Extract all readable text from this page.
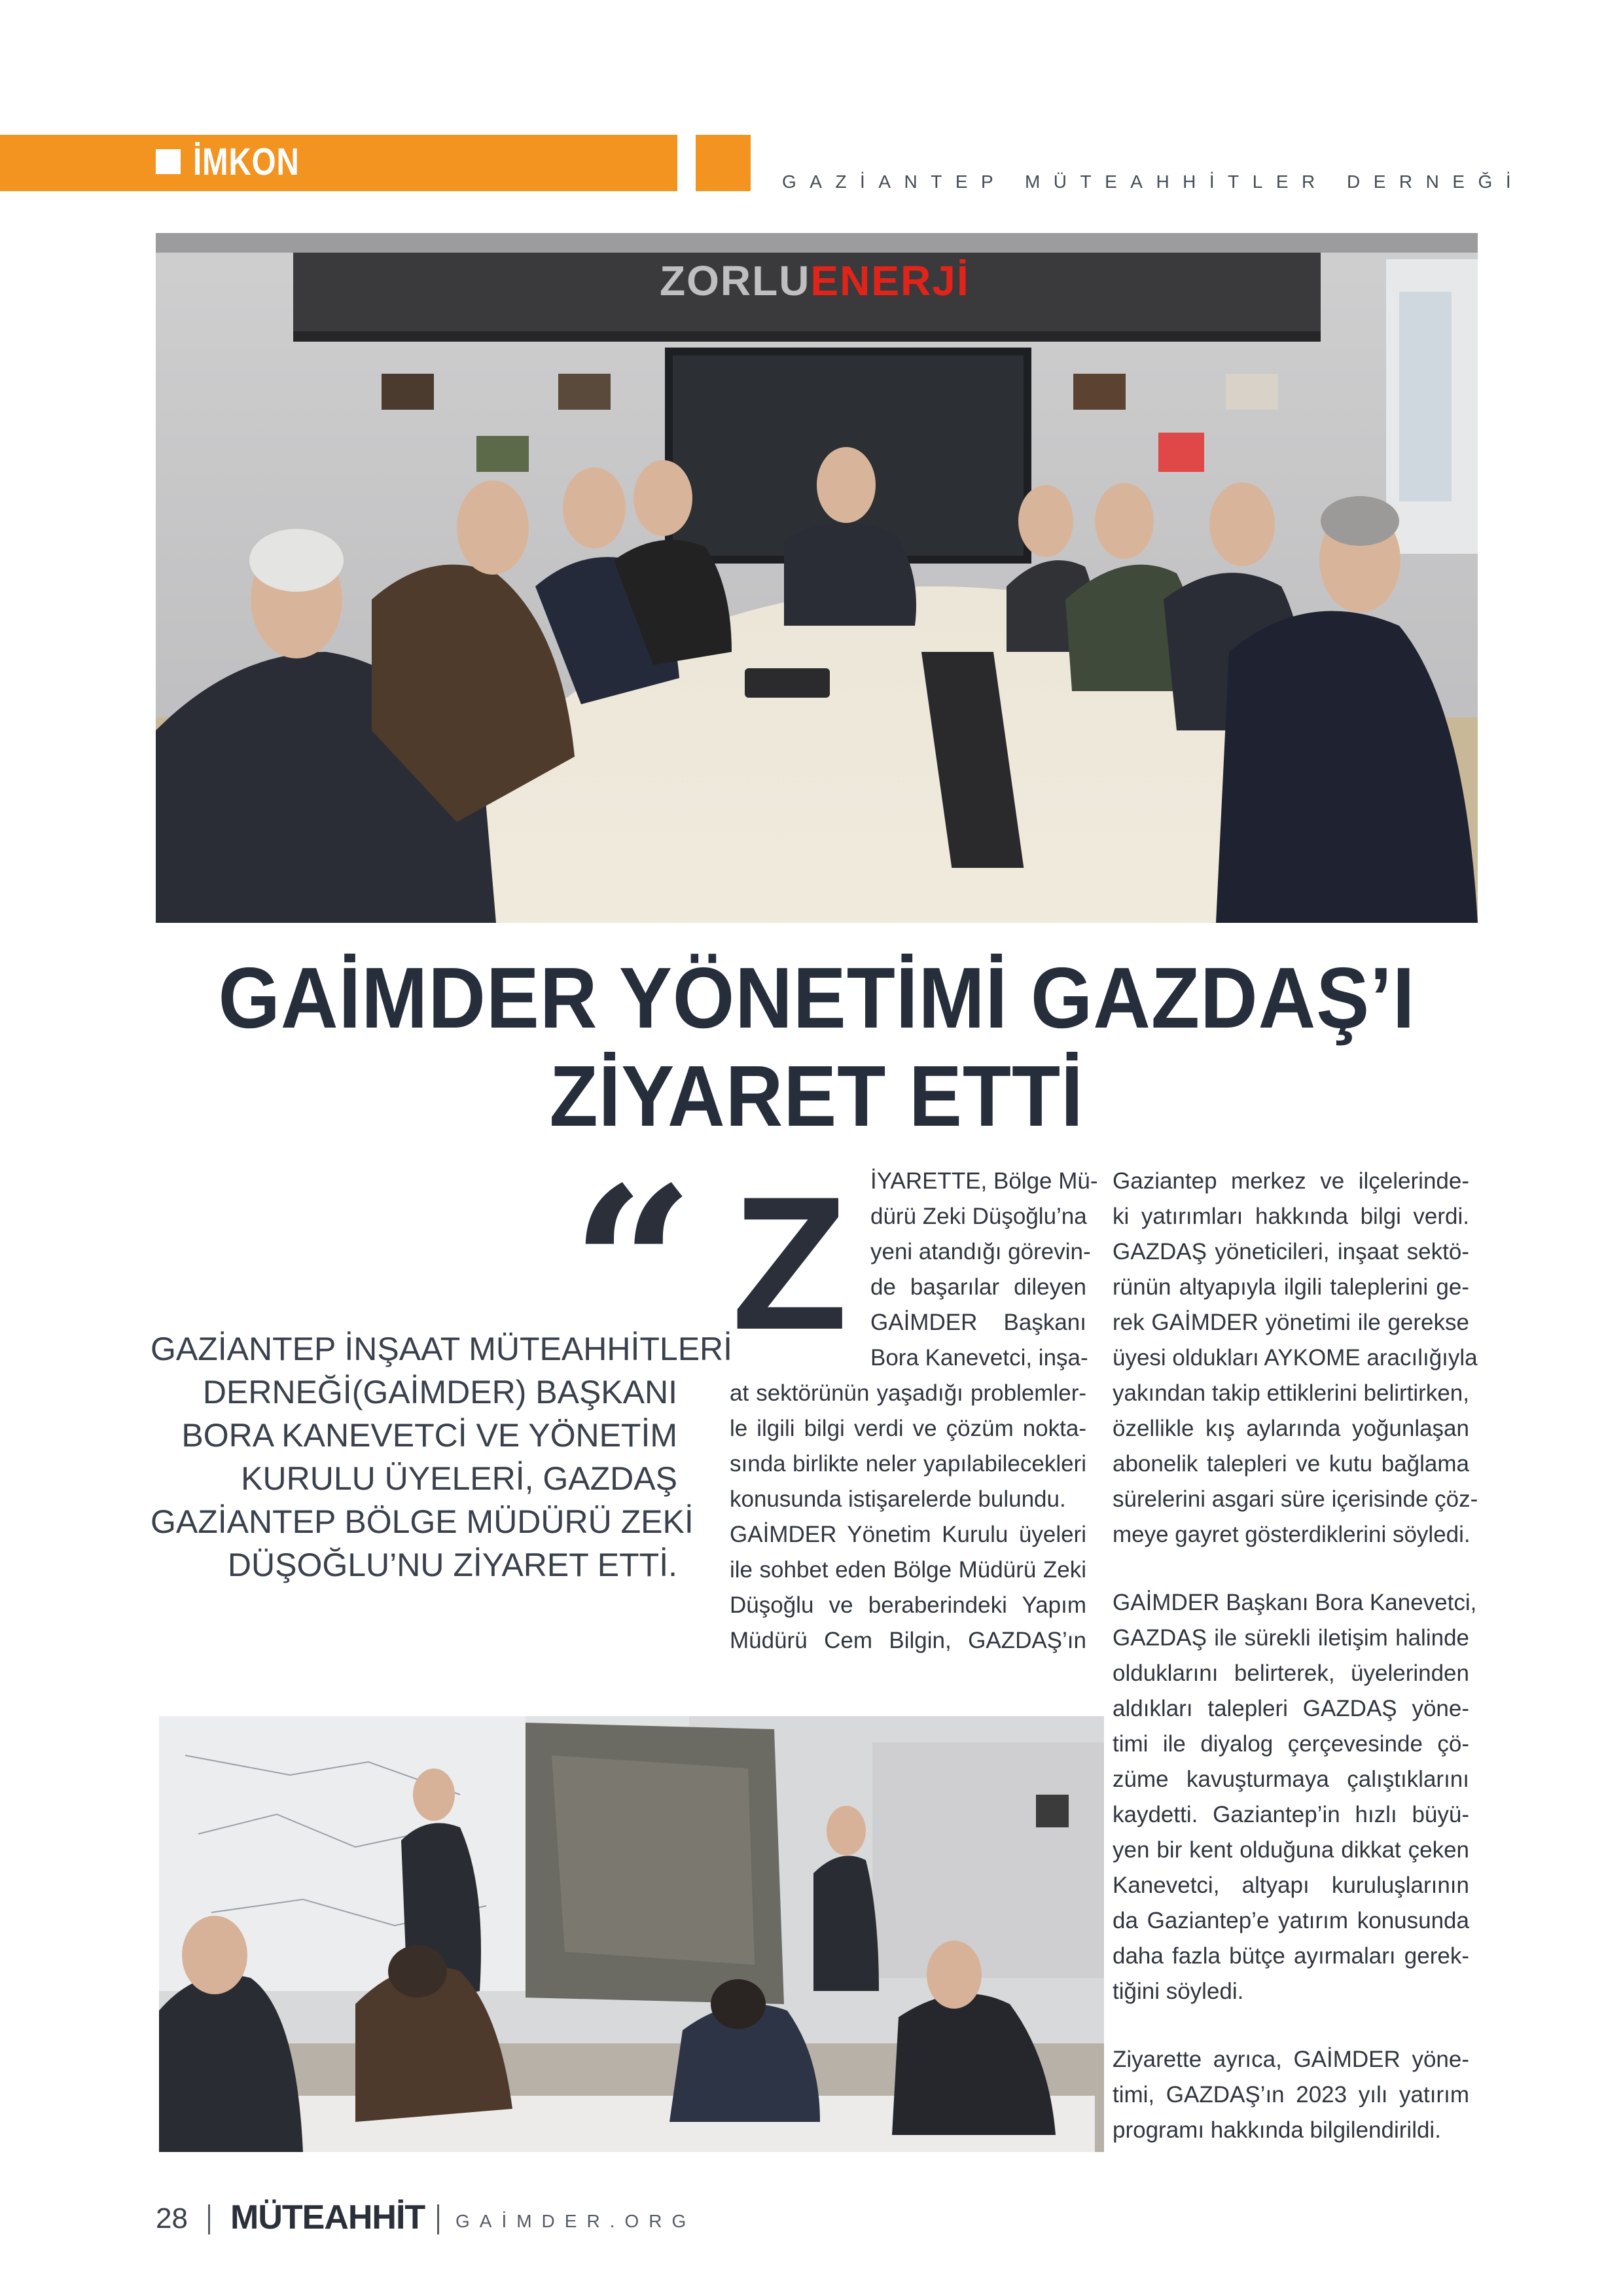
İMKON	GAZİANTEP MÜTEAHHİTLER DERNEĞİ
ZORLUENERJİ
GAİMDER YÖNETİMİ GAZDAŞ’I
ZİYARET ETTİ
“
GAZİANTEP İNŞAAT MÜTEAHHİTLERİ
DERNEĞİ(GAİMDER) BAŞKANI
BORA KANEVETCİ VE YÖNETİM
KURULU ÜYELERİ, GAZDAŞ
GAZİANTEP BÖLGE MÜDÜRÜ ZEKİ
DÜŞOĞLU’NU ZİYARET ETTİ.
Z İYARETTE, Bölge Mü-
dürü Zeki Düşoğlu’na
yeni atandığı görevin-
de başarılar dileyen
GAİMDER Başkanı
Bora Kanevetci, inşa-
at sektörünün yaşadığı problemler-
le ilgili bilgi verdi ve çözüm nokta-
sında birlikte neler yapılabilecekleri
konusunda istişarelerde bulundu.
GAİMDER Yönetim Kurulu üyeleri
ile sohbet eden Bölge Müdürü Zeki
Düşoğlu ve beraberindeki Yapım
Müdürü Cem Bilgin, GAZDAŞ’ın
Gaziantep merkez ve ilçelerinde-
ki yatırımları hakkında bilgi verdi.
GAZDAŞ yöneticileri, inşaat sektö-
rünün altyapıyla ilgili taleplerini ge-
rek GAİMDER yönetimi ile gerekse
üyesi oldukları AYKOME aracılığıyla
yakından takip ettiklerini belirtirken,
özellikle kış aylarında yoğunlaşan
abonelik talepleri ve kutu bağlama
sürelerini asgari süre içerisinde çöz-
meye gayret gösterdiklerini söyledi.
GAİMDER Başkanı Bora Kanevetci,
GAZDAŞ ile sürekli iletişim halinde
olduklarını belirterek, üyelerinden
aldıkları talepleri GAZDAŞ yöne-
timi ile diyalog çerçevesinde çö-
züme kavuşturmaya çalıştıklarını
kaydetti. Gaziantep’in hızlı büyü-
yen bir kent olduğuna dikkat çeken
Kanevetci, altyapı kuruluşlarının
da Gaziantep’e yatırım konusunda
daha fazla bütçe ayırmaları gerek-
tiğini söyledi.
Ziyarette ayrıca, GAİMDER yöne-
timi, GAZDAŞ’ın 2023 yılı yatırım
programı hakkında bilgilendirildi.
28 MÜTEAHHİT GAİMDER.ORG
